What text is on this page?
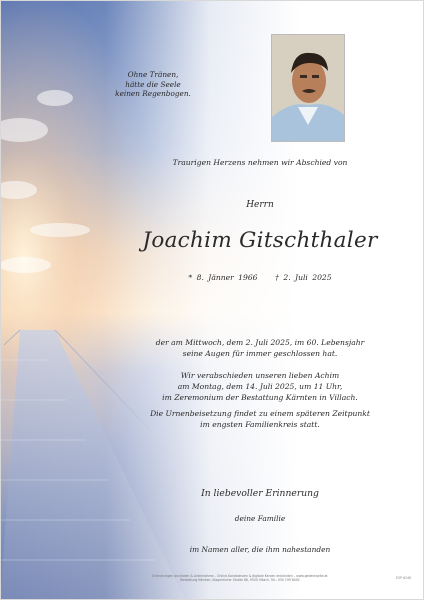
Ohne Tränen,
hätte die Seele
keinen Regenbogen.
Traurigen Herzens nehmen wir Abschied von
Herrn
Joachim Gitschthaler
* 8. Jänner 1966 † 2. Juli 2025
der am Mittwoch, dem 2. Juli 2025, im 60. Lebensjahr
seine Augen für immer geschlossen hat.
Wir verabschieden unseren lieben Achim
am Montag, dem 14. Juli 2025, um 11 Uhr,
im Zeremonium der Bestattung Kärnten in Villach.
Die Urnenbeisetzung findet zu einem späteren Zeitpunkt
im engsten Familienkreis statt.
In liebevoller Erinnerung
deine Familie
im Namen aller, die ihm nahestanden
Erinnerungen anzünden & Anteilnahme – Online-Kondolenzen & digitale Kerzen entzünden – www.gedenkseite.at
Bestattung Kärnten, Klagenfurter Straße 68, 9500 Villach, Tel.: 050 199 8400
ESP 6246
